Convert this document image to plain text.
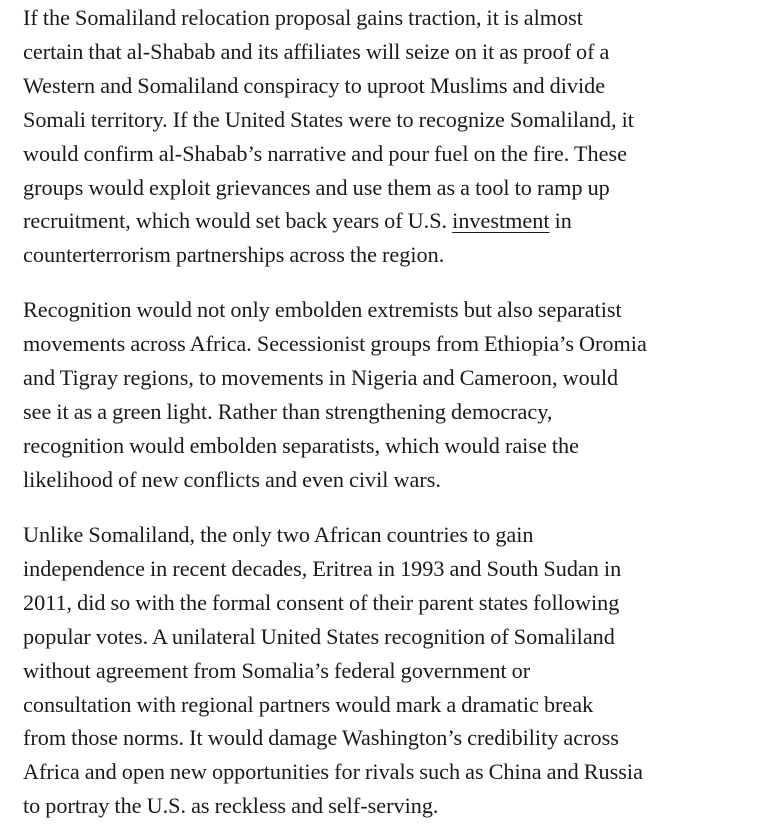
If the Somaliland relocation proposal gains traction, it is almost
certain that al-Shabab and its affiliates will seize on it as proof of a
Western and Somaliland conspiracy to uproot Muslims and divide
Somali territory. If the United States were to recognize Somaliland, it
would confirm al-Shabab’s narrative and pour fuel on the fire. These
groups would exploit grievances and use them as a tool to ramp up
recruitment, which would set back years of U.S. investment in
counterterrorism partnerships across the region.

Recognition would not only embolden extremists but also separatist
movements across Africa. Secessionist groups from Ethiopia’s Oromia
and Tigray regions, to movements in Nigeria and Cameroon, would
see it as a green light. Rather than strengthening democracy,
recognition would embolden separatists, which would raise the
likelihood of new conflicts and even civil wars.

Unlike Somaliland, the only two African countries to gain
independence in recent decades, Eritrea in 1993 and South Sudan in
2011, did so with the formal consent of their parent states following
popular votes. A unilateral United States recognition of Somaliland
without agreement from Somalia’s federal government or
consultation with regional partners would mark a dramatic break
from those norms. It would damage Washington’s credibility across
Africa and open new opportunities for rivals such as China and Russia
to portray the U.S. as reckless and self-serving.
